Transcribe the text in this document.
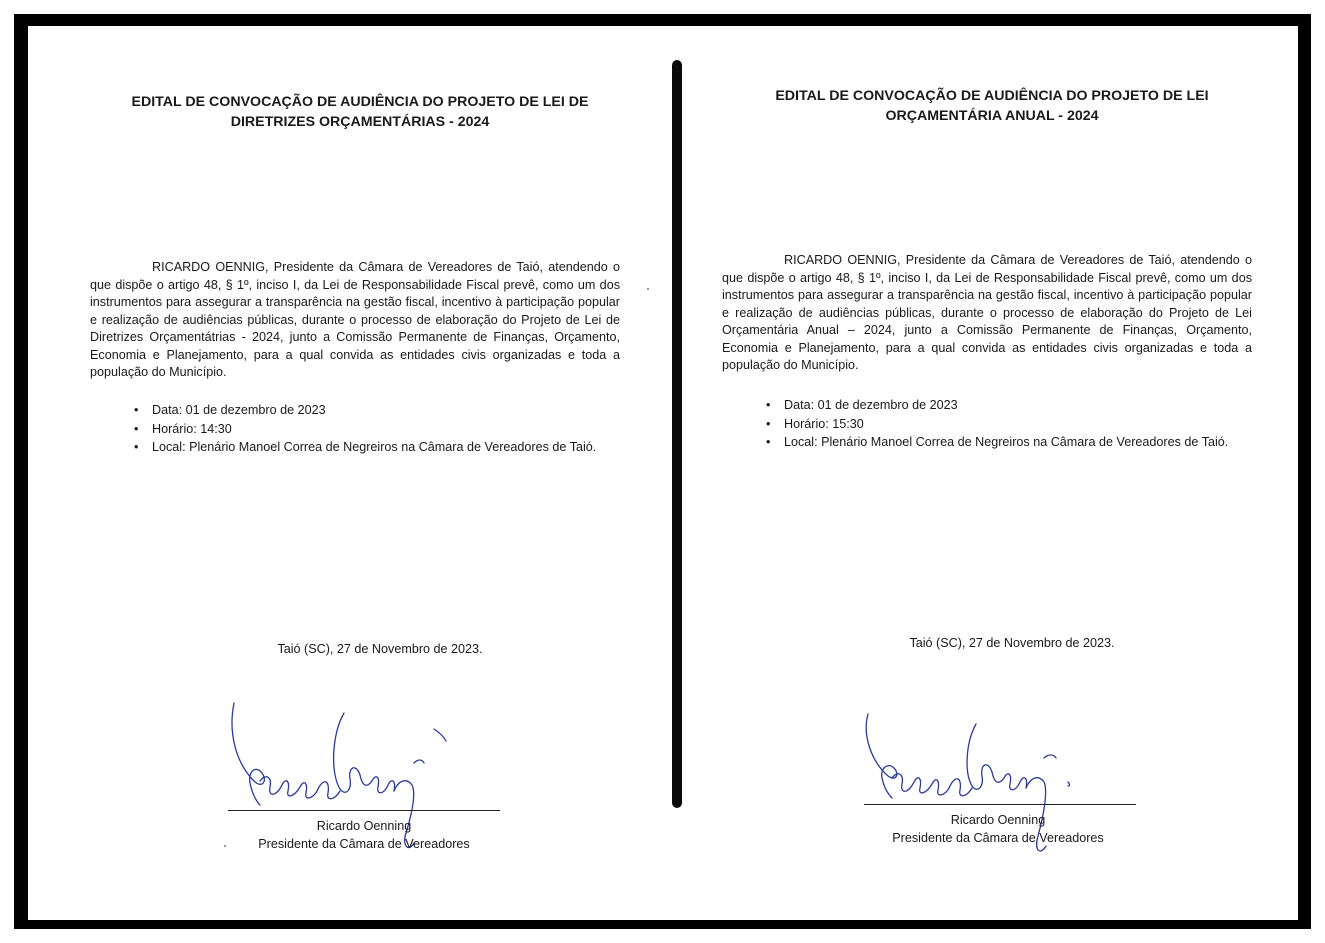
EDITAL DE CONVOCAÇÃO DE AUDIÊNCIA DO PROJETO DE LEI DE
DIRETRIZES ORÇAMENTÁRIAS - 2024

RICARDO OENNIG, Presidente da Câmara de Vereadores de Taió, atendendo o que dispõe o artigo 48, § 1º, inciso I, da Lei de Responsabilidade Fiscal prevê, como um dos instrumentos para assegurar a transparência na gestão fiscal, incentivo à participação popular e realização de audiências públicas, durante o processo de elaboração do Projeto de Lei de Diretrizes Orçamentátrias - 2024, junto a Comissão Permanente de Finanças, Orçamento, Economia e Planejamento, para a qual convida as entidades civis organizadas e toda a população do Município.

• Data: 01 de dezembro de 2023
• Horário: 14:30
• Local: Plenário Manoel Correa de Negreiros na Câmara de Vereadores de Taió.
Taió (SC), 27 de Novembro de 2023.
Ricardo Oenning
Ricardo Oenning
Presidente da Câmara de Vereadores
EDITAL DE CONVOCAÇÃO DE AUDIÊNCIA DO PROJETO DE LEI
ORÇAMENTÁRIA ANUAL - 2024

RICARDO OENNIG, Presidente da Câmara de Vereadores de Taió, atendendo o que dispõe o artigo 48, § 1º, inciso I, da Lei de Responsabilidade Fiscal prevê, como um dos instrumentos para assegurar a transparência na gestão fiscal, incentivo à participação popular e realização de audiências públicas, durante o processo de elaboração do Projeto de Lei Orçamentária Anual – 2024, junto a Comissão Permanente de Finanças, Orçamento, Economia e Planejamento, para a qual convida as entidades civis organizadas e toda a população do Município.

• Data: 01 de dezembro de 2023
• Horário: 15:30
• Local: Plenário Manoel Correa de Negreiros na Câmara de Vereadores de Taió.
Taió (SC), 27 de Novembro de 2023.
Ricardo Oenning
Ricardo Oenning
Presidente da Câmara de Vereadores
